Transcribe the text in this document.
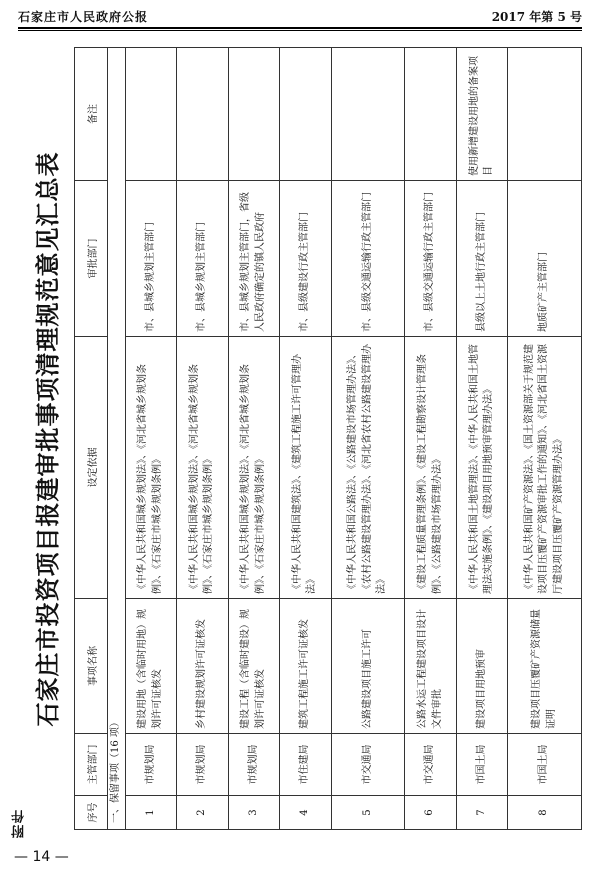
石家庄市人民政府公报	2017 年第 5 号
石家庄市投资项目报建审批事项清理规范意见汇总表
序号	主管部门	事项名称	设定依据	审批部门	备注
一、保留事项（16 项）					
1	市规划局	建设用地（含临时用地）规划许可证核发	《中华人民共和国城乡规划法》、《河北省城乡规划条例》、《石家庄市城乡规划条例》	市、县城乡规划主管部门	
2	市规划局	乡村建设规划许可证核发	《中华人民共和国城乡规划法》、《河北省城乡规划条例》、《石家庄市城乡规划条例》	市、县城乡规划主管部门	
3	市规划局	建设工程（含临时建设）规划许可证核发	《中华人民共和国城乡规划法》、《河北省城乡规划条例》、《石家庄市城乡规划条例》	市、县城乡规划主管部门，省级人民政府确定的镇人民政府	
4	市住建局	建筑工程施工许可证核发	《中华人民共和国建筑法》、《建筑工程施工许可管理办法》	市、县级建设行政主管部门	
5	市交通局	公路建设项目施工许可	《中华人民共和国公路法》、《公路建设市场管理办法》、《农村公路建设管理办法》、《河北省农村公路建设管理办法》	市、县级交通运输行政主管部门	
6	市交通局	公路水运工程建设项目设计文件审批	《建设工程质量管理条例》、《建设工程勘察设计管理条例》、《公路建设市场管理办法》	市、县级交通运输行政主管部门	
7	市国土局	建设项目用地预审	《中华人民共和国土地管理法》、《中华人民共和国土地管理法实施条例》、《建设项目用地预审管理办法》	县级以上土地行政主管部门	使用新增建设用地的备案项目
8	市国土局	建设项目压覆矿产资源储量证明	《中华人民共和国矿产资源法》、《国土资源部关于规范建设项目压覆矿产资源审批工作的通知》、《河北省国土资源厅建设项目压覆矿产资源管理办法》	地质矿产主管部门	
附件
— 14 —
